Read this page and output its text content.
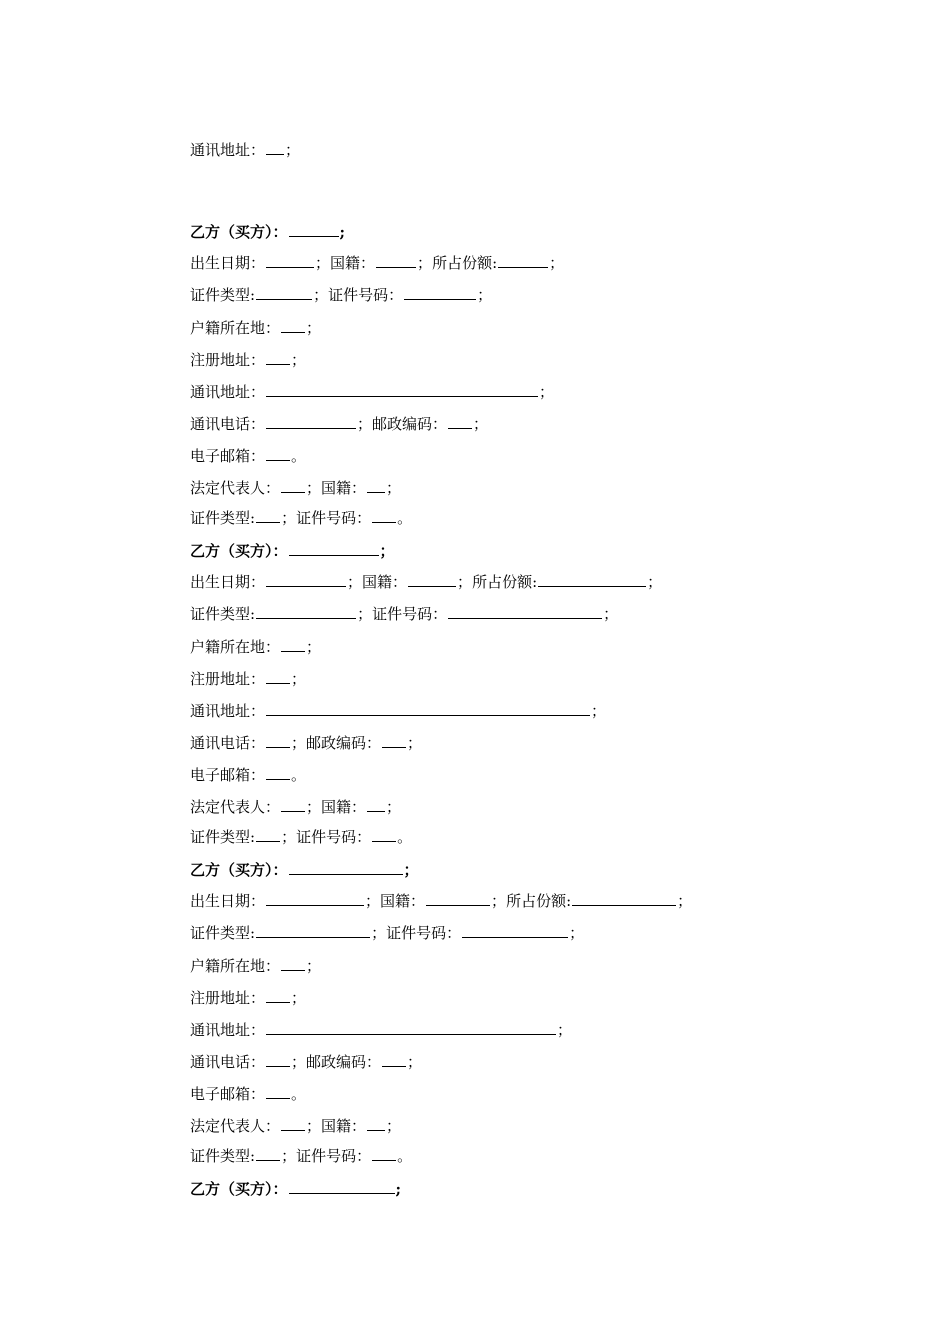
通讯地址： ；
乙方（买方）：	;
出生日期：	；国籍：	；所占份额:	；
证件类型:	；证件号码：	；
户籍所在地： ；
注册地址： ；
通讯地址：	；
通讯电话：	；邮政编码： ；
电子邮箱： 。
法定代表人： ；国籍： ；
证件类型: ；证件号码： 。
乙方（买方）：	；
出生日期：	；国籍：	；所占份额:	；
证件类型:	；证件号码：	；
户籍所在地： ；
注册地址： ；
通讯地址：	；
通讯电话： ；邮政编码： ；
电子邮箱： 。
法定代表人： ；国籍： ；
证件类型: ；证件号码： 。
乙方（买方）：	；
出生日期：	；国籍：	；所占份额:	；
证件类型:	；证件号码：	；
户籍所在地： ；
注册地址： ；
通讯地址：	；
通讯电话： ；邮政编码： ；
电子邮箱： 。
法定代表人： ；国籍： ；
证件类型: ；证件号码： 。
乙方（买方）：	;
